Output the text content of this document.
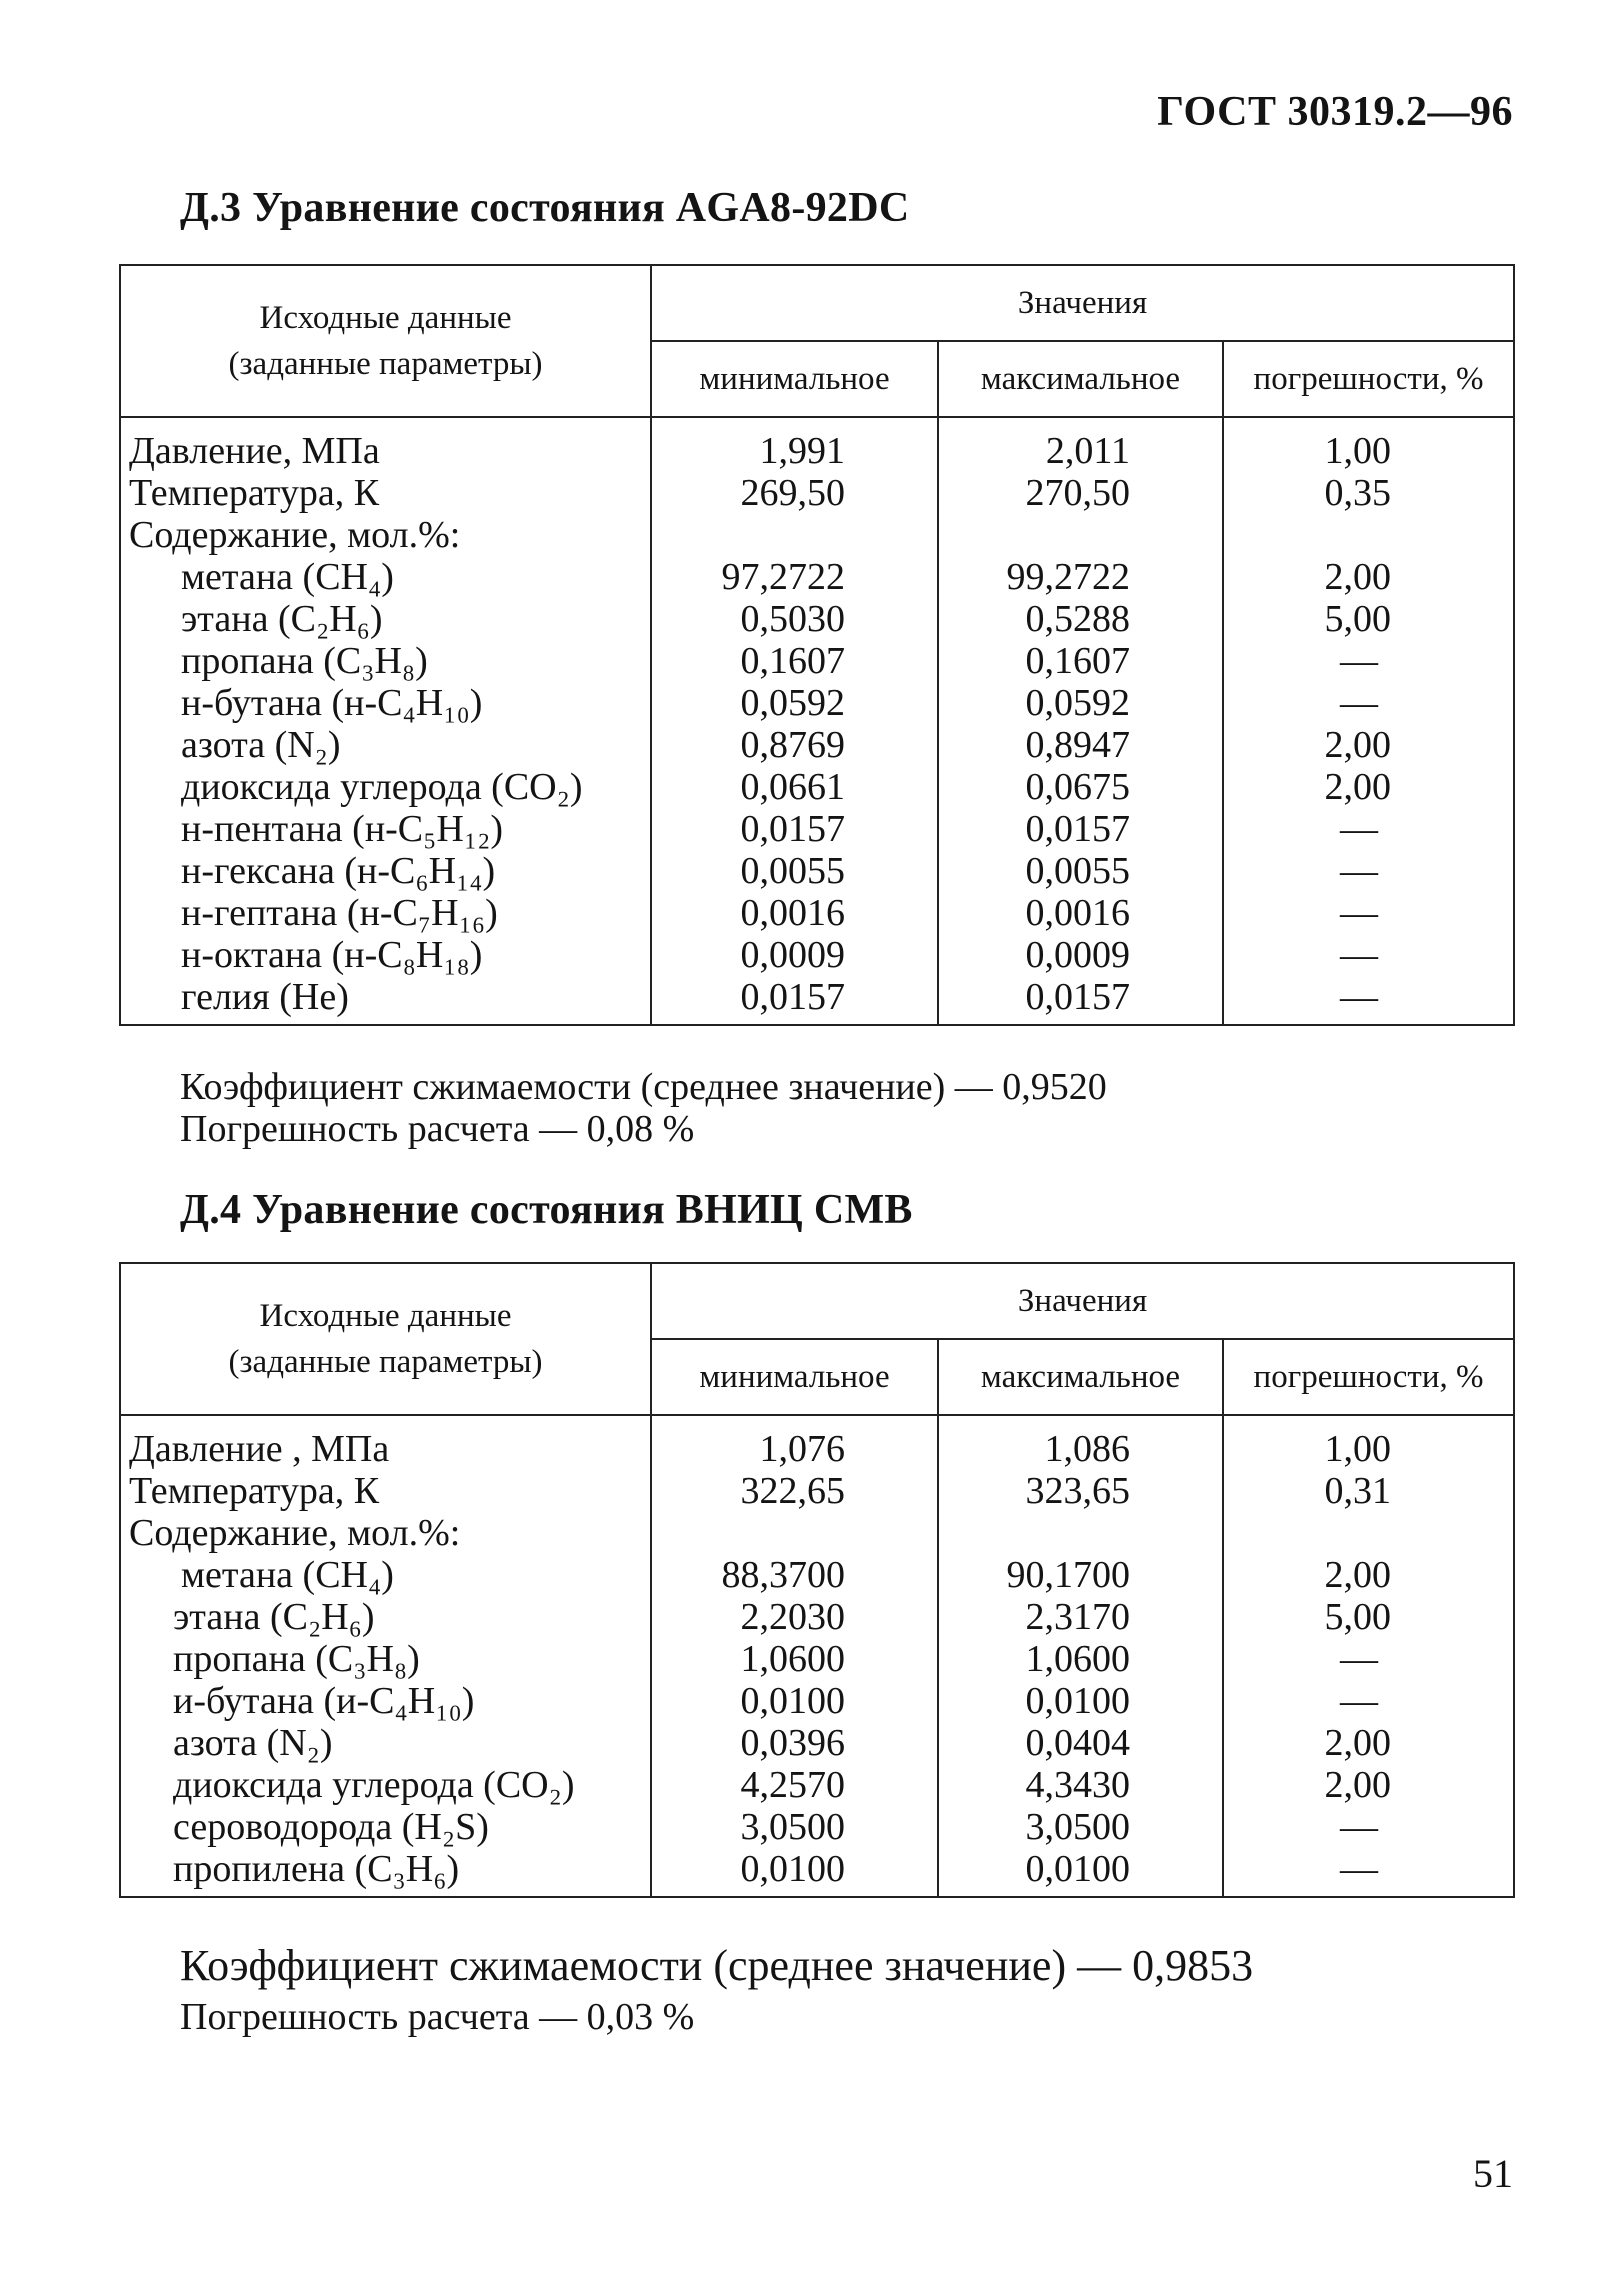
ГОСТ 30319.2—96
Д.3 Уравнение состояния AGA8-92DC
Исходные данные
(заданные параметры)	Значения		
	минимальное	максимальное	погрешности, %
Давление, МПа	1,991	2,011	1,00
Температура, К	269,50	270,50	0,35
Содержание, мол.%:			
метана (CH₄)	97,2722	99,2722	2,00
этана (C₂H₆)	0,5030	0,5288	5,00
пропана (C₃H₈)	0,1607	0,1607	—
н-бутана (н-C₄H₁₀)	0,0592	0,0592	—
азота (N₂)	0,8769	0,8947	2,00
диоксида углерода (CO₂)	0,0661	0,0675	2,00
н-пентана (н-C₅H₁₂)	0,0157	0,0157	—
н-гексана (н-C₆H₁₄)	0,0055	0,0055	—
н-гептана (н-C₇H₁₆)	0,0016	0,0016	—
н-октана (н-C₈H₁₈)	0,0009	0,0009	—
гелия (He)	0,0157	0,0157	—
Коэффициент сжимаемости (среднее значение) — 0,9520
Погрешность расчета — 0,08 %
Д.4 Уравнение состояния ВНИЦ СМВ
Исходные данные
(заданные параметры)	Значения		
	минимальное	максимальное	погрешности, %
Давление , МПа	1,076	1,086	1,00
Температура, К	322,65	323,65	0,31
Содержание, мол.%:			
метана (CH₄)	88,3700	90,1700	2,00
этана (C₂H₆)	2,2030	2,3170	5,00
пропана (C₃H₈)	1,0600	1,0600	—
и-бутана (и-C₄H₁₀)	0,0100	0,0100	—
азота (N₂)	0,0396	0,0404	2,00
диоксида углерода (CO₂)	4,2570	4,3430	2,00
сероводорода (H₂S)	3,0500	3,0500	—
пропилена (C₃H₆)	0,0100	0,0100	—
Коэффициент сжимаемости (среднее значение) — 0,9853
Погрешность расчета — 0,03 %
51
